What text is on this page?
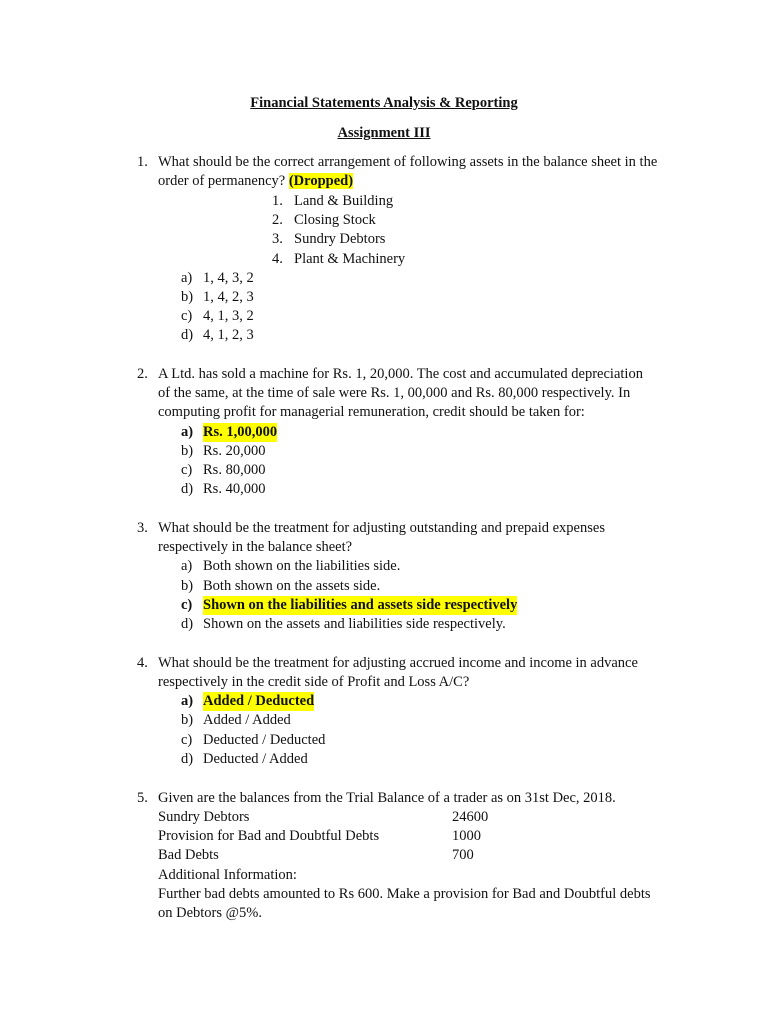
Financial Statements Analysis & Reporting
Assignment III
1. What should be the correct arrangement of following assets in the balance sheet in the
order of permanency? (Dropped)
1. Land & Building
2. Closing Stock
3. Sundry Debtors
4. Plant & Machinery
a) 1, 4, 3, 2
b) 1, 4, 2, 3
c) 4, 1, 3, 2
d) 4, 1, 2, 3
2. A Ltd. has sold a machine for Rs. 1, 20,000. The cost and accumulated depreciation
of the same, at the time of sale were Rs. 1, 00,000 and Rs. 80,000 respectively. In
computing profit for managerial remuneration, credit should be taken for:
a) Rs. 1,00,000
b) Rs. 20,000
c) Rs. 80,000
d) Rs. 40,000
3. What should be the treatment for adjusting outstanding and prepaid expenses
respectively in the balance sheet?
a) Both shown on the liabilities side.
b) Both shown on the assets side.
c) Shown on the liabilities and assets side respectively
d) Shown on the assets and liabilities side respectively.
4. What should be the treatment for adjusting accrued income and income in advance
respectively in the credit side of Profit and Loss A/C?
a) Added / Deducted
b) Added / Added
c) Deducted / Deducted
d) Deducted / Added
5. Given are the balances from the Trial Balance of a trader as on 31st Dec, 2018.
Sundry Debtors	24600
Provision for Bad and Doubtful Debts	1000
Bad Debts	700
Additional Information:
Further bad debts amounted to Rs 600. Make a provision for Bad and Doubtful debts
on Debtors @5%.
